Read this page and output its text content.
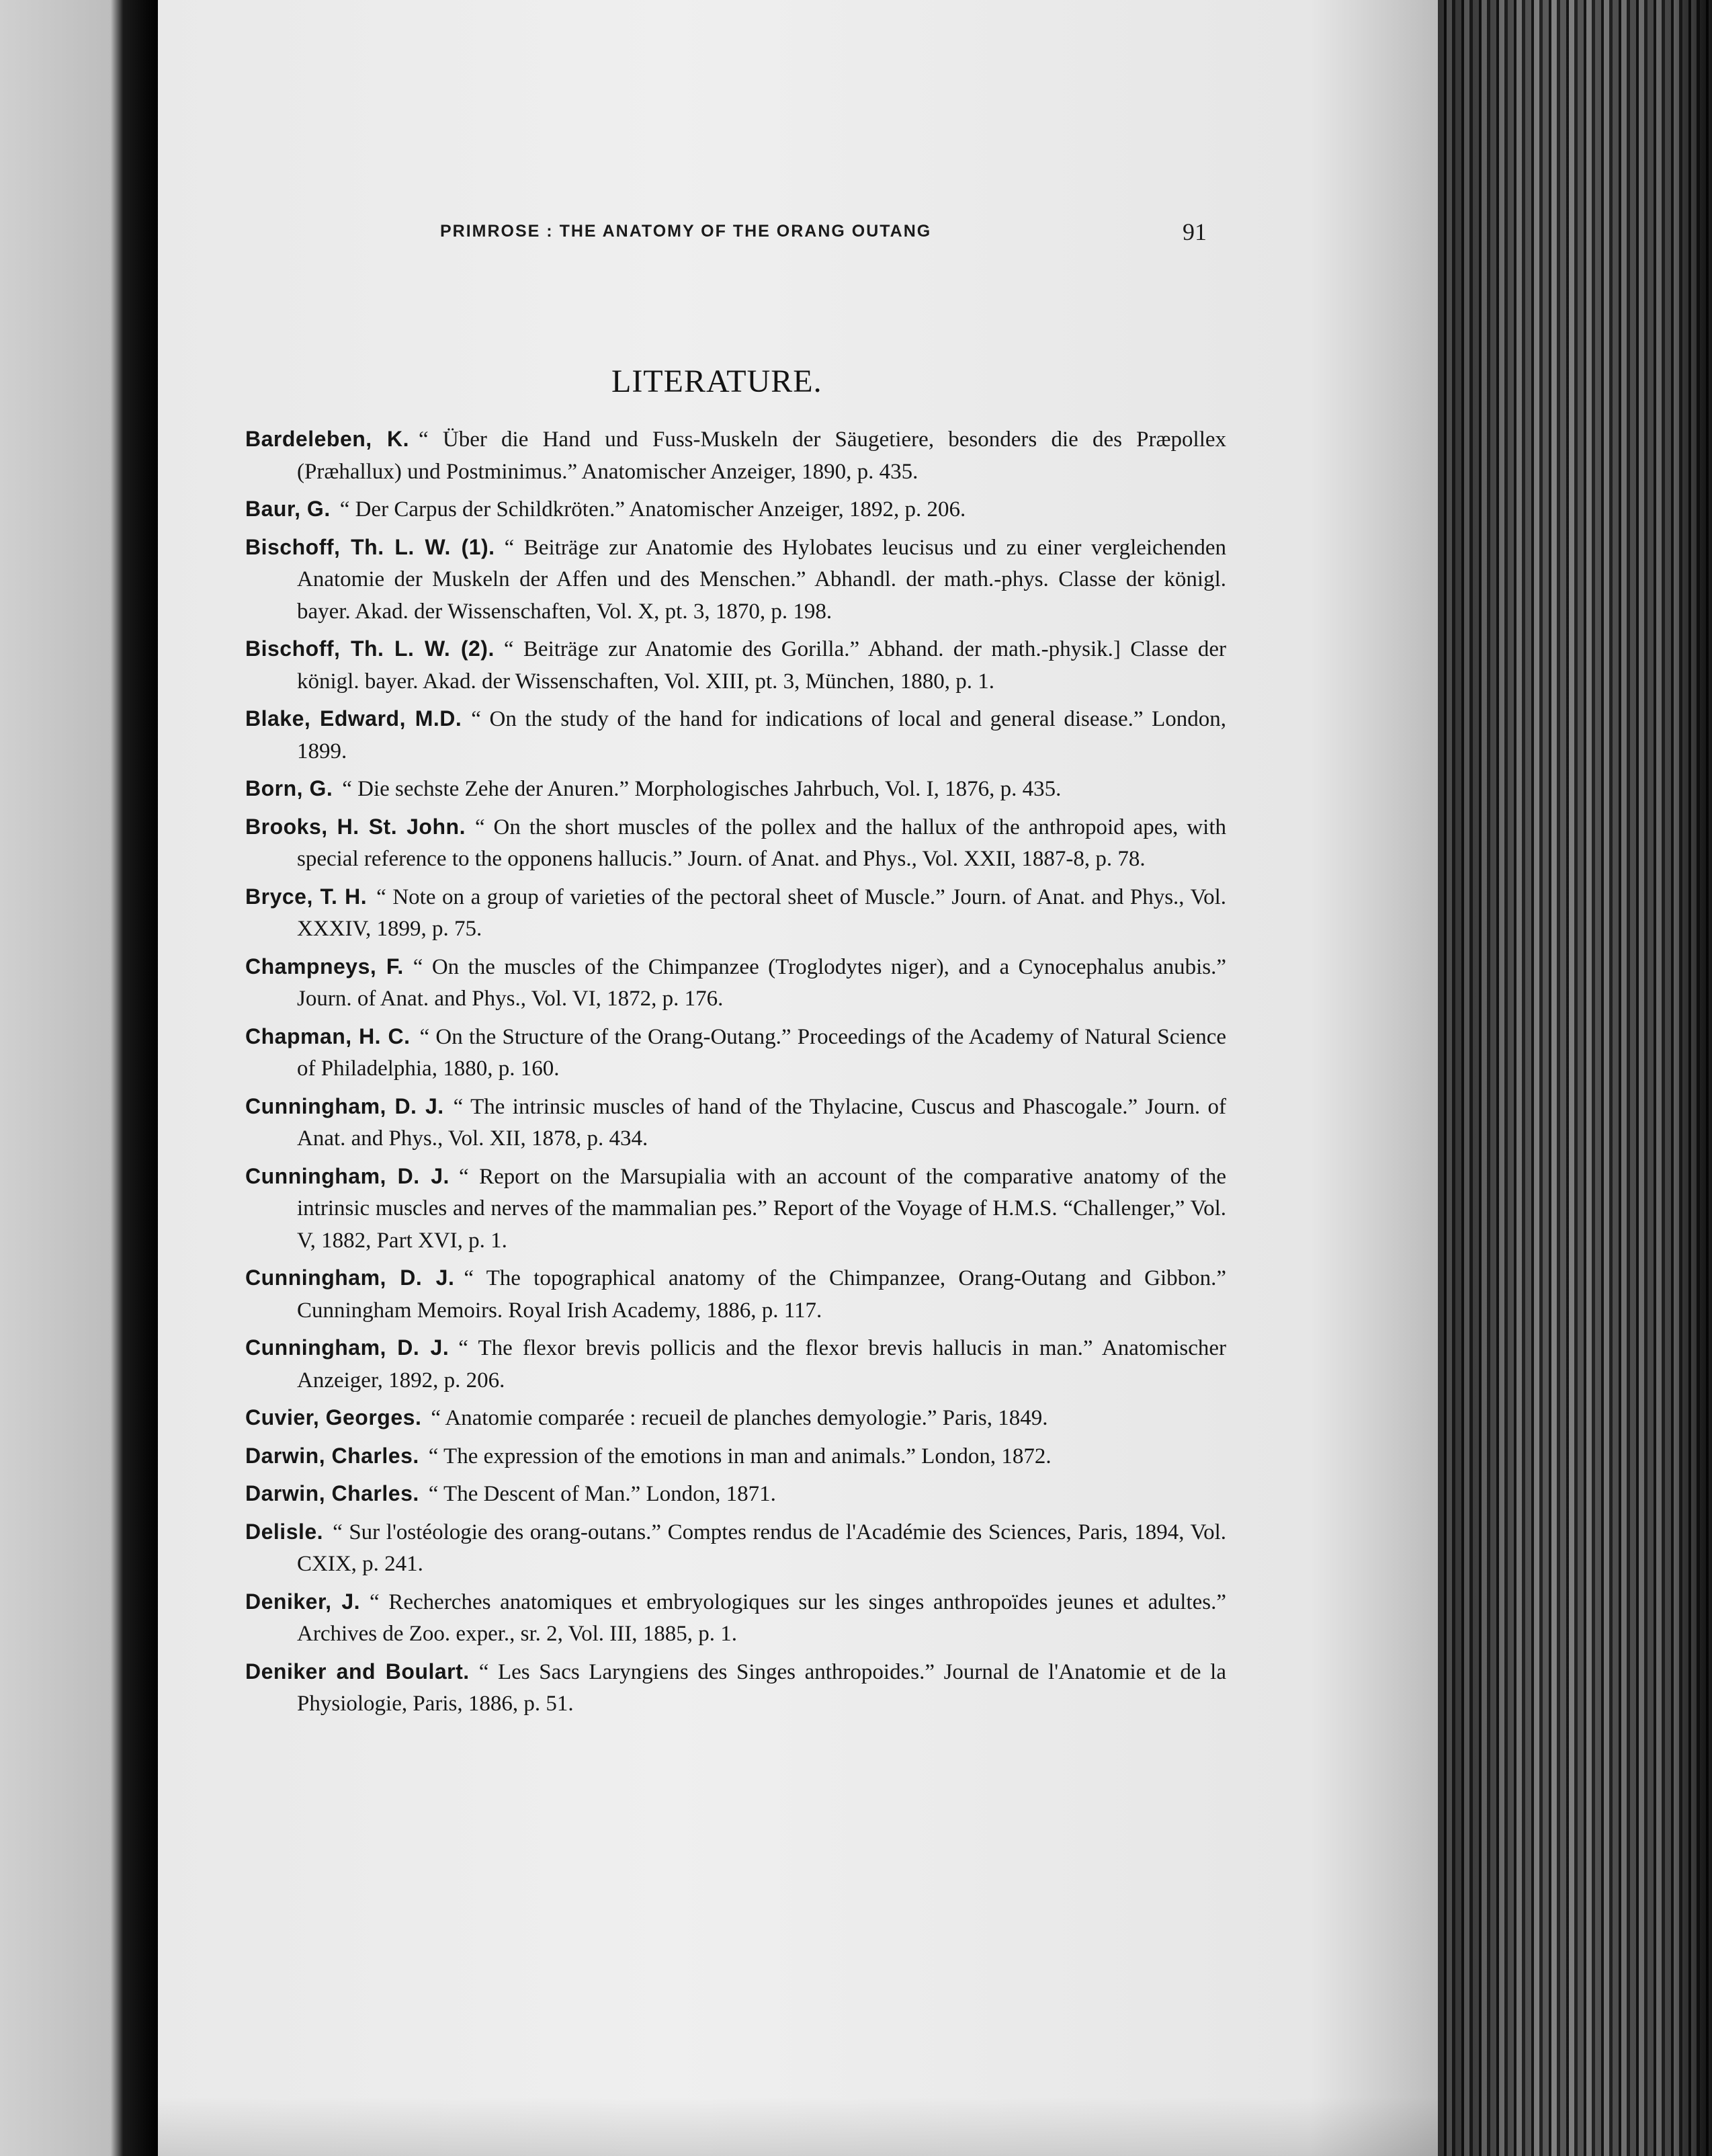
PRIMROSE : THE ANATOMY OF THE ORANG OUTANG	91
LITERATURE.
Bardeleben, K. “ Über die Hand und Fuss-Muskeln der Säugetiere, besonders die des Præpollex (Præhallux) und Postminimus.” Anatomischer Anzeiger, 1890, p. 435.
Baur, G. “ Der Carpus der Schildkröten.” Anatomischer Anzeiger, 1892, p. 206.
Bischoff, Th. L. W. (1). “ Beiträge zur Anatomie des Hylobates leucisus und zu einer vergleichenden Anatomie der Muskeln der Affen und des Menschen.” Abhandl. der math.-phys. Classe der königl. bayer. Akad. der Wissenschaften, Vol. X, pt. 3, 1870, p. 198.
Bischoff, Th. L. W. (2). “ Beiträge zur Anatomie des Gorilla.” Abhand. der math.-physik.] Classe der königl. bayer. Akad. der Wissenschaften, Vol. XIII, pt. 3, München, 1880, p. 1.
Blake, Edward, M.D. “ On the study of the hand for indications of local and general disease.” London, 1899.
Born, G. “ Die sechste Zehe der Anuren.” Morphologisches Jahrbuch, Vol. I, 1876, p. 435.
Brooks, H. St. John. “ On the short muscles of the pollex and the hallux of the anthropoid apes, with special reference to the opponens hallucis.” Journ. of Anat. and Phys., Vol. XXII, 1887-8, p. 78.
Bryce, T. H. “ Note on a group of varieties of the pectoral sheet of Muscle.” Journ. of Anat. and Phys., Vol. XXXIV, 1899, p. 75.
Champneys, F. “ On the muscles of the Chimpanzee (Troglodytes niger), and a Cynocephalus anubis.” Journ. of Anat. and Phys., Vol. VI, 1872, p. 176.
Chapman, H. C. “ On the Structure of the Orang-Outang.” Proceedings of the Academy of Natural Science of Philadelphia, 1880, p. 160.
Cunningham, D. J. “ The intrinsic muscles of hand of the Thylacine, Cuscus and Phascogale.” Journ. of Anat. and Phys., Vol. XII, 1878, p. 434.
Cunningham, D. J. “ Report on the Marsupialia with an account of the comparative anatomy of the intrinsic muscles and nerves of the mammalian pes.” Report of the Voyage of H.M.S. “Challenger,” Vol. V, 1882, Part XVI, p. 1.
Cunningham, D. J. “ The topographical anatomy of the Chimpanzee, Orang-Outang and Gibbon.” Cunningham Memoirs. Royal Irish Academy, 1886, p. 117.
Cunningham, D. J. “ The flexor brevis pollicis and the flexor brevis hallucis in man.” Anatomischer Anzeiger, 1892, p. 206.
Cuvier, Georges. “ Anatomie comparée : recueil de planches demyologie.” Paris, 1849.
Darwin, Charles. “ The expression of the emotions in man and animals.” London, 1872.
Darwin, Charles. “ The Descent of Man.” London, 1871.
Delisle. “ Sur l'ostéologie des orang-outans.” Comptes rendus de l'Académie des Sciences, Paris, 1894, Vol. CXIX, p. 241.
Deniker, J. “ Recherches anatomiques et embryologiques sur les singes anthropoïdes jeunes et adultes.” Archives de Zoo. exper., sr. 2, Vol. III, 1885, p. 1.
Deniker and Boulart. “ Les Sacs Laryngiens des Singes anthropoides.” Journal de l'Anatomie et de la Physiologie, Paris, 1886, p. 51.
